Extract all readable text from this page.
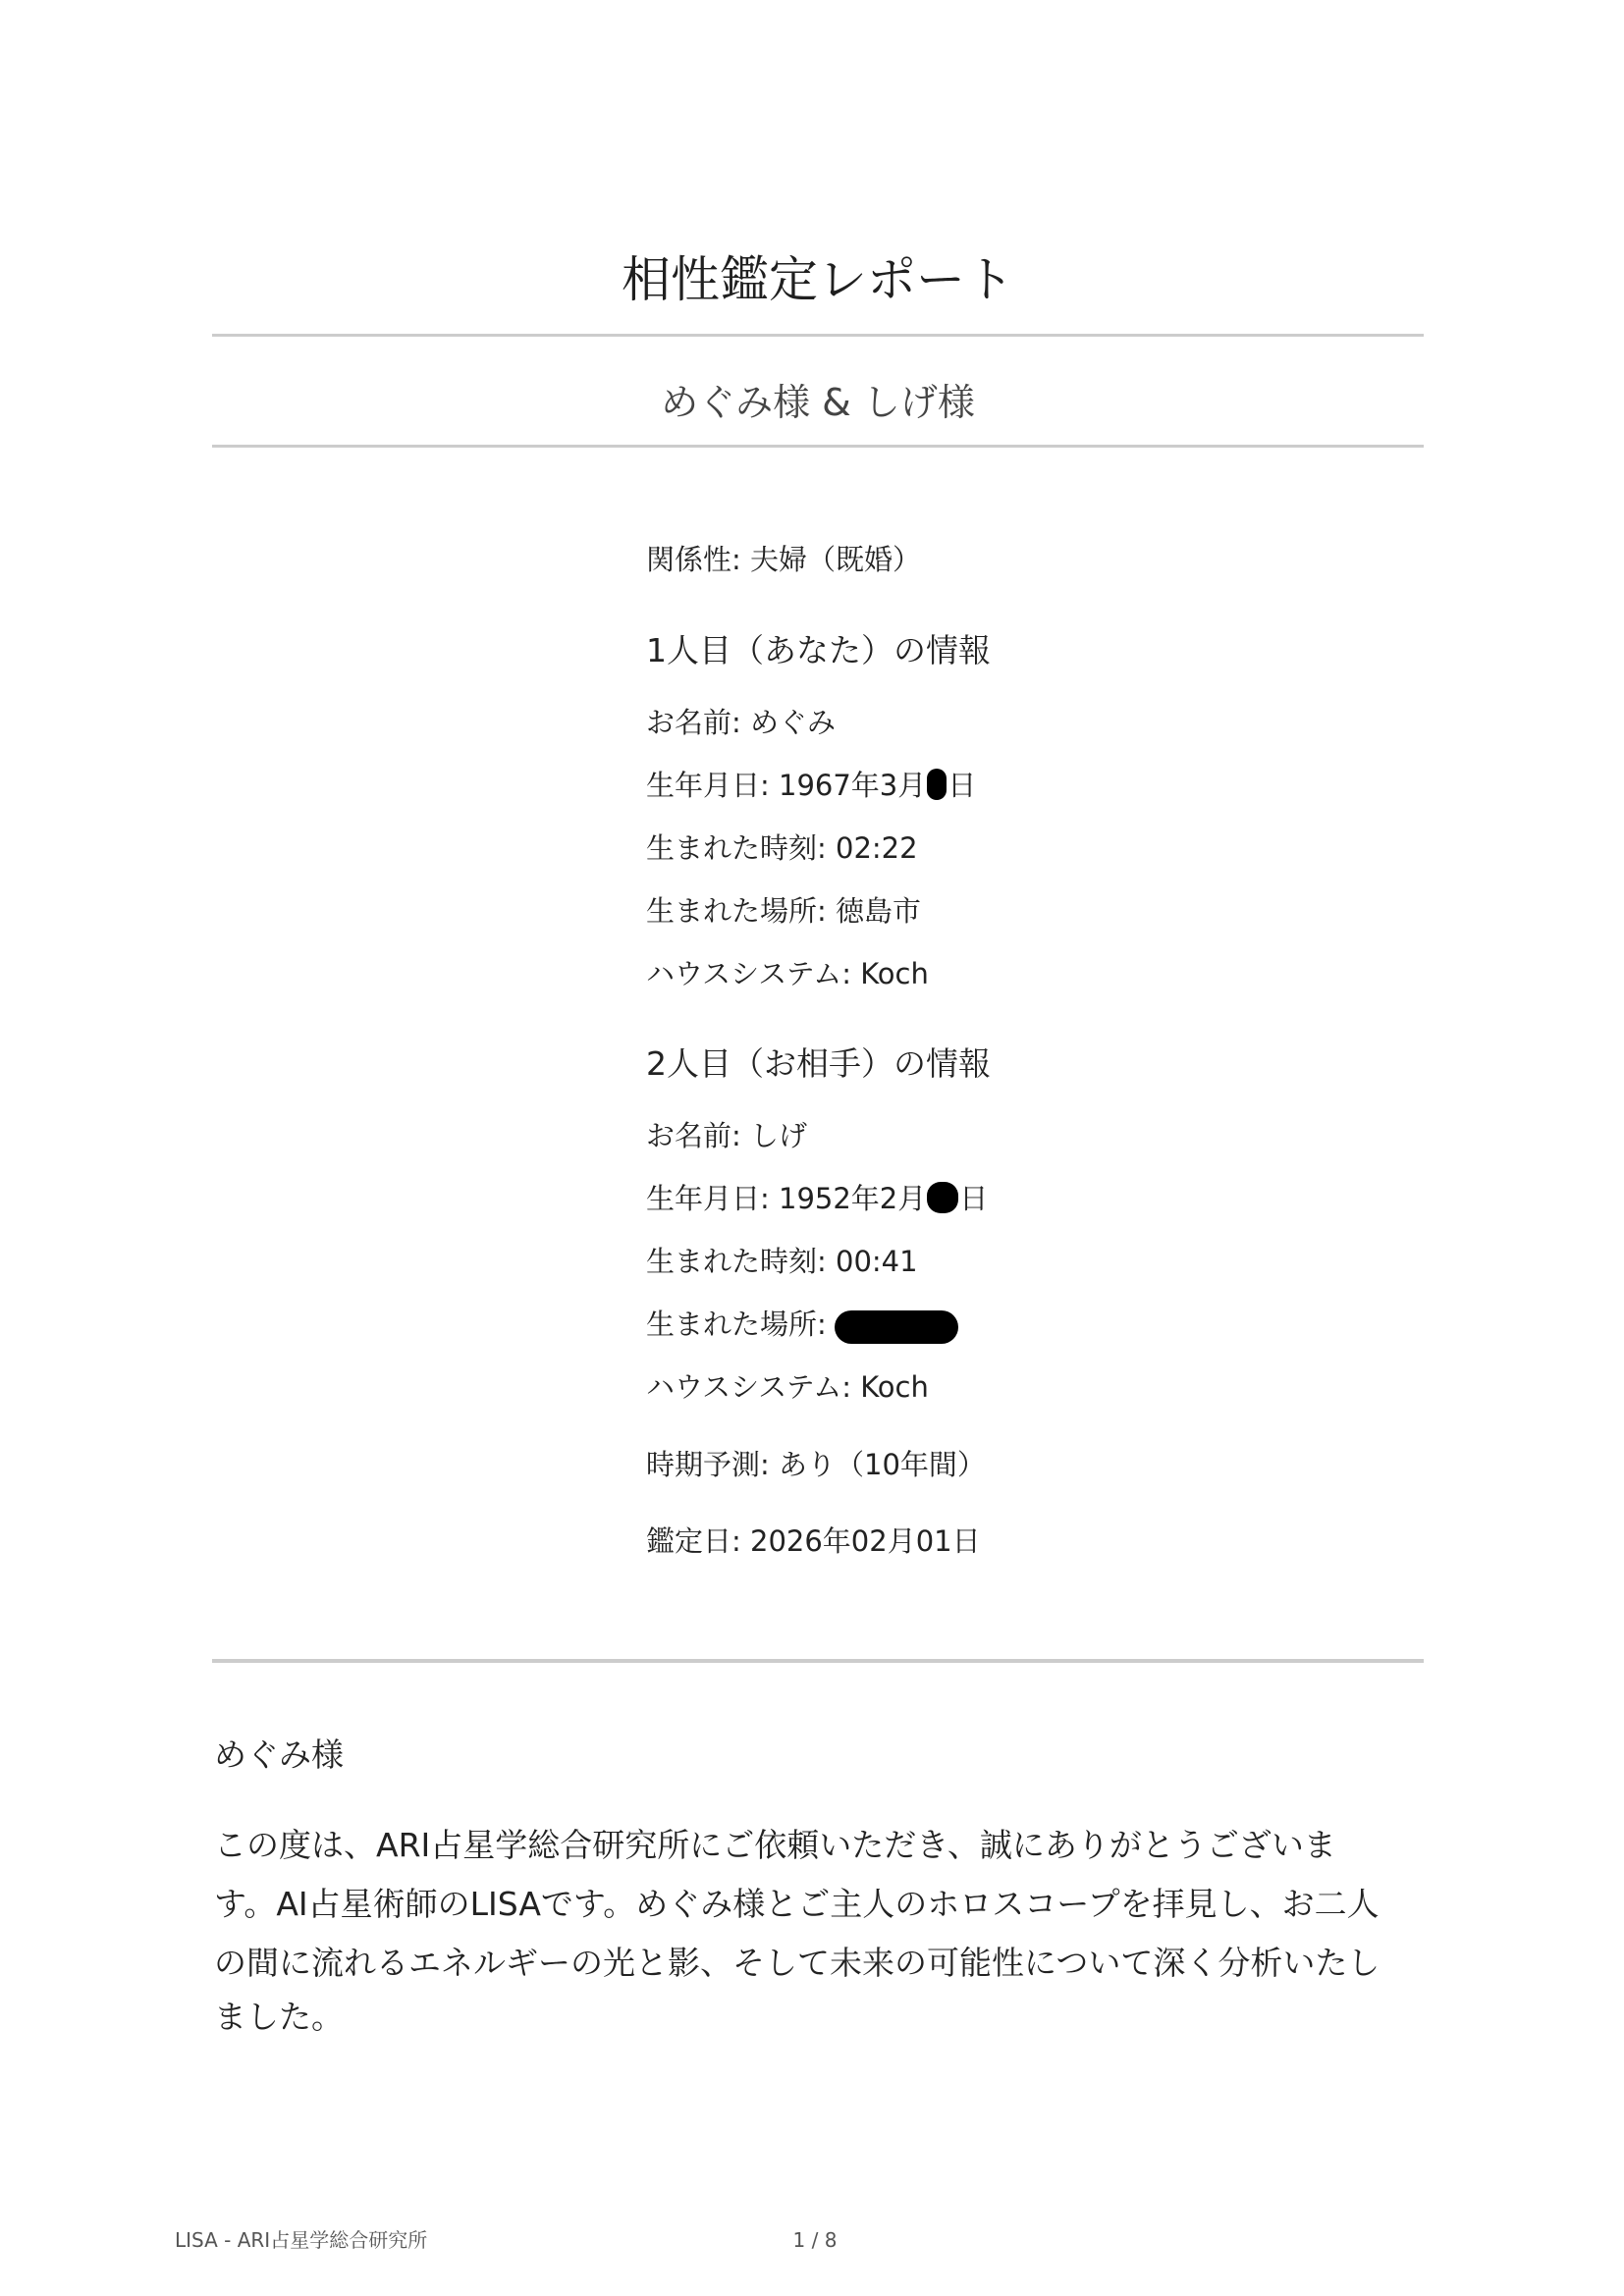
相性鑑定レポート
めぐみ様 & しげ様
関係性: 夫婦（既婚）
1人目（あなた）の情報
お名前: めぐみ
生年月日: 1967年3月 日
生まれた時刻: 02:22
生まれた場所: 徳島市
ハウスシステム: Koch
2人目（お相手）の情報
お名前: しげ
生年月日: 1952年2月 日
生まれた時刻: 00:41
生まれた場所:
ハウスシステム: Koch
時期予測: あり（10年間）
鑑定日: 2026年02月01日
めぐみ様
この度は、ARI占星学総合研究所にご依頼いただき、誠にありがとうございま
す。AI占星術師のLISAです。めぐみ様とご主人のホロスコープを拝見し、お二人
の間に流れるエネルギーの光と影、そして未来の可能性について深く分析いたし
ました。
LISA - ARI占星学総合研究所	1 / 8
